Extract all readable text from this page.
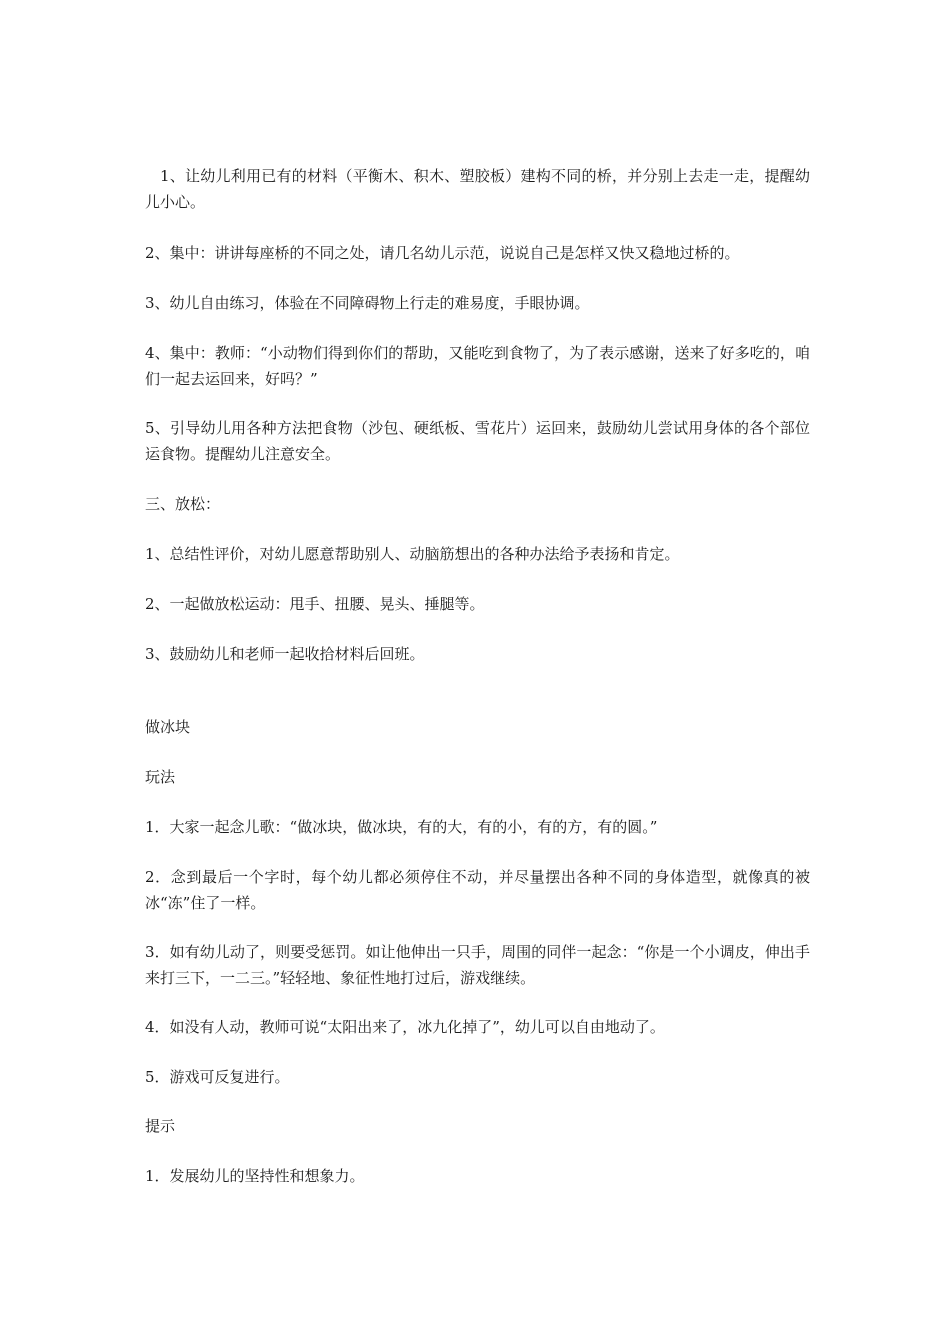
1、让幼儿利用已有的材料（平衡木、积木、塑胶板）建构不同的桥，并分别上去走一走，提醒幼儿小心。

2、集中：讲讲每座桥的不同之处，请几名幼儿示范，说说自己是怎样又快又稳地过桥的。

3、幼儿自由练习，体验在不同障碍物上行走的难易度，手眼协调。

4、集中：教师：“小动物们得到你们的帮助，又能吃到食物了，为了表示感谢，送来了好多吃的，咱们一起去运回来，好吗？”

5、引导幼儿用各种方法把食物（沙包、硬纸板、雪花片）运回来，鼓励幼儿尝试用身体的各个部位运食物。提醒幼儿注意安全。

三、放松：

1、总结性评价，对幼儿愿意帮助别人、动脑筋想出的各种办法给予表扬和肯定。

2、一起做放松运动：甩手、扭腰、晃头、捶腿等。

3、鼓励幼儿和老师一起收拾材料后回班。

做冰块

玩法

1．大家一起念儿歌：“做冰块，做冰块，有的大，有的小，有的方，有的圆。”

2．念到最后一个字时，每个幼儿都必须停住不动，并尽量摆出各种不同的身体造型，就像真的被冰“冻”住了一样。

3．如有幼儿动了，则要受惩罚。如让他伸出一只手，周围的同伴一起念：“你是一个小调皮，伸出手来打三下，一二三。”轻轻地、象征性地打过后，游戏继续。

4．如没有人动，教师可说“太阳出来了，冰九化掉了”，幼儿可以自由地动了。

5．游戏可反复进行。

提示

1．发展幼儿的坚持性和想象力。
